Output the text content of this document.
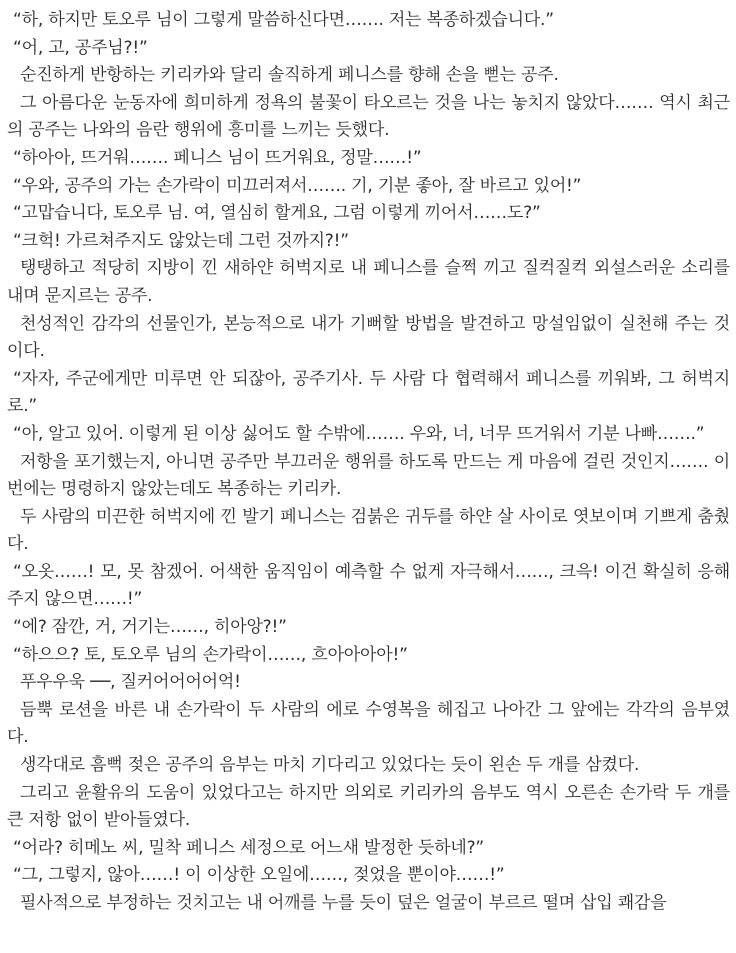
“하, 하지만 토오루 님이 그렇게 말씀하신다면……. 저는 복종하겠습니다.”

“어, 고, 공주님?!”

순진하게 반항하는 키리카와 달리 솔직하게 페니스를 향해 손을 뻗는 공주.

그 아름다운 눈동자에 희미하게 정욕의 불꽃이 타오르는 것을 나는 놓치지 않았다……. 역시 최근의 공주는 나와의 음란 행위에 흥미를 느끼는 듯했다.

“하아아, 뜨거워……. 페니스 님이 뜨거워요, 정말……!”

“우와, 공주의 가는 손가락이 미끄러져서……. 기, 기분 좋아, 잘 바르고 있어!”

“고맙습니다, 토오루 님. 여, 열심히 할게요, 그럼 이렇게 끼어서……도?”

“크헉! 가르쳐주지도 않았는데 그런 것까지?!”

탱탱하고 적당히 지방이 낀 새하얀 허벅지로 내 페니스를 슬쩍 끼고 질컥질컥 외설스러운 소리를 내며 문지르는 공주.

천성적인 감각의 선물인가, 본능적으로 내가 기뻐할 방법을 발견하고 망설임없이 실천해 주는 것이다.

“자자, 주군에게만 미루면 안 되잖아, 공주기사. 두 사람 다 협력해서 페니스를 끼워봐, 그 허벅지로.”

“아, 알고 있어. 이렇게 된 이상 싫어도 할 수밖에……. 우와, 너, 너무 뜨거워서 기분 나빠…….”

저항을 포기했는지, 아니면 공주만 부끄러운 행위를 하도록 만드는 게 마음에 걸린 것인지……. 이번에는 명령하지 않았는데도 복종하는 키리카.

두 사람의 미끈한 허벅지에 낀 발기 페니스는 검붉은 귀두를 하얀 살 사이로 엿보이며 기쁘게 춤췄다.

“오옷……! 모, 못 참겠어. 어색한 움직임이 예측할 수 없게 자극해서……, 크윽! 이건 확실히 응해주지 않으면……!”

“에? 잠깐, 거, 거기는……, 히아앙?!”

“하으으? 토, 토오루 님의 손가락이……, 흐아아아아!”

푸우우욱 ──, 질커어어어어억!

듬뿍 로션을 바른 내 손가락이 두 사람의 에로 수영복을 헤집고 나아간 그 앞에는 각각의 음부였다.

생각대로 흠뻑 젖은 공주의 음부는 마치 기다리고 있었다는 듯이 왼손 두 개를 삼켰다.

그리고 윤활유의 도움이 있었다고는 하지만 의외로 키리카의 음부도 역시 오른손 손가락 두 개를 큰 저항 없이 받아들였다.

“어라? 히메노 씨, 밀착 페니스 세정으로 어느새 발정한 듯하네?”

“그, 그렇지, 않아……! 이 이상한 오일에……, 젖었을 뿐이야……!”

필사적으로 부정하는 것치고는 내 어깨를 누를 듯이 덮은 얼굴이 부르르 떨며 삽입 쾌감을
